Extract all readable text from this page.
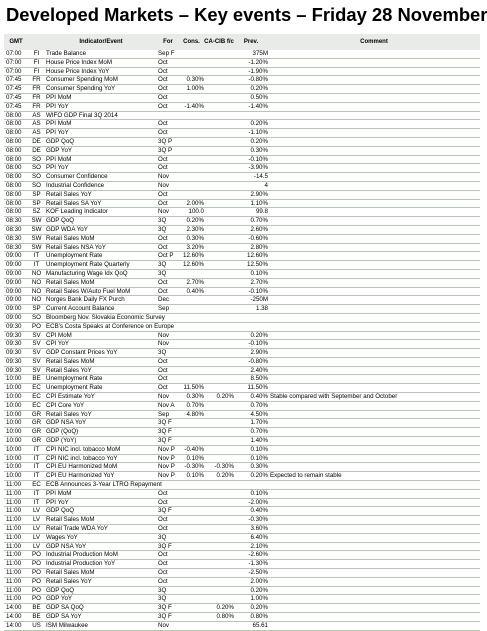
Developed Markets – Key events – Friday 28 November
GMT		Indicator/Event	For	Cons.	CA-CIB f/c	Prev.	Comment
07:00	FI	Trade Balance	Sep F			375M	
07:00	FI	House Price Index MoM	Oct			-1.20%	
07:00	FI	House Price Index YoY	Oct			-1.90%	
07:45	FR	Consumer Spending MoM	Oct	0.30%		-0.80%	
07:45	FR	Consumer Spending YoY	Oct	1.00%		0.20%	
07:45	FR	PPI MoM	Oct			0.50%	
07:45	FR	PPI YoY	Oct	-1.40%		-1.40%	
08:00	AS	WIFO GDP Final 3Q 2014					
08:00	AS	PPI MoM	Oct			0.20%	
08:00	AS	PPI YoY	Oct			-1.10%	
08:00	DE	GDP QoQ	3Q P			0.20%	
08:00	DE	GDP YoY	3Q P			0.30%	
08:00	SO	PPI MoM	Oct			-0.10%	
08:00	SO	PPI YoY	Oct			-3.90%	
08:00	SO	Consumer Confidence	Nov			-14.5	
08:00	SO	Industrial Confidence	Nov			4	
08:00	SP	Retail Sales YoY	Oct			2.90%	
08:00	SP	Retail Sales SA YoY	Oct	2.00%		1.10%	
08:00	SZ	KOF Leading Indicator	Nov	100.0		99.8	
08:30	SW	GDP QoQ	3Q	0.20%		0.70%	
08:30	SW	GDP WDA YoY	3Q	2.30%		2.60%	
08:30	SW	Retail Sales MoM	Oct	0.30%		-0.60%	
08:30	SW	Retail Sales NSA YoY	Oct	3.20%		2.80%	
09:00	IT	Unemployment Rate	Oct P	12.60%		12.60%	
09:00	IT	Unemployment Rate Quarterly	3Q	12.60%		12.50%	
09:00	NO	Manufacturing Wage Idx QoQ	3Q			0.10%	
09:00	NO	Retail Sales MoM	Oct	2.70%		2.70%	
09:00	NO	Retail Sales W/Auto Fuel MoM	Oct	0.40%		-0.10%	
09:00	NO	Norges Bank Daily FX Purch	Dec			-250M	
09:00	SP	Current Account Balance	Sep			1.38	
09:00	SO	Bloomberg Nov. Slovakia Economic Survey					
09:30	PO	ECB's Costa Speaks at Conference on Europe					
09:30	SV	CPI MoM	Nov			0.20%	
09:30	SV	CPI YoY	Nov			-0.10%	
09:30	SV	GDP Constant Prices YoY	3Q			2.90%	
09:30	SV	Retail Sales MoM	Oct			-0.80%	
09:30	SV	Retail Sales YoY	Oct			2.40%	
10:00	BE	Unemployment Rate	Oct			8.50%	
10:00	EC	Unemployment Rate	Oct	11.50%		11.50%	
10:00	EC	CPI Estimate YoY	Nov	0.30%	0.20%	0.40%	Stable compared with September and October
10:00	EC	CPI Core YoY	Nov A	0.70%		0.70%	
10:00	GR	Retail Sales YoY	Sep	4.80%		4.50%	
10:00	GR	GDP NSA YoY	3Q F			1.70%	
10:00	GR	GDP (QoQ)	3Q F			0.70%	
10:00	GR	GDP (YoY)	3Q F			1.40%	
10:00	IT	CPI NIC incl. tobacco MoM	Nov P	-0.40%		0.10%	
10:00	IT	CPI NIC incl. tobacco YoY	Nov P	0.10%		0.10%	
10:00	IT	CPI EU Harmonized MoM	Nov P	-0.30%	-0.30%	0.30%	
10:00	IT	CPI EU Harmonized YoY	Nov P	0.10%	0.20%	0.20%	Expected to remain stable
11:00	EC	ECB Announces 3-Year LTRO Repayment					
11:00	IT	PPI MoM	Oct			0.10%	
11:00	IT	PPI YoY	Oct			-2.00%	
11:00	LV	GDP QoQ	3Q F			0.40%	
11:00	LV	Retail Sales MoM	Oct			-0.30%	
11:00	LV	Retail Trade WDA YoY	Oct			3.60%	
11:00	LV	Wages YoY	3Q			6.40%	
11:00	LV	GDP NSA YoY	3Q F			2.10%	
11:00	PO	Industrial Production MoM	Oct			-2.60%	
11:00	PO	Industrial Production YoY	Oct			-1.30%	
11:00	PO	Retail Sales MoM	Oct			-2.50%	
11:00	PO	Retail Sales YoY	Oct			2.00%	
11:00	PO	GDP QoQ	3Q			0.20%	
11:00	PO	GDP YoY	3Q			1.00%	
14:00	BE	GDP SA QoQ	3Q F		0.20%	0.20%	
14:00	BE	GDP SA YoY	3Q F		0.80%	0.80%	
14:00	US	ISM Milwaukee	Nov			65.61	
